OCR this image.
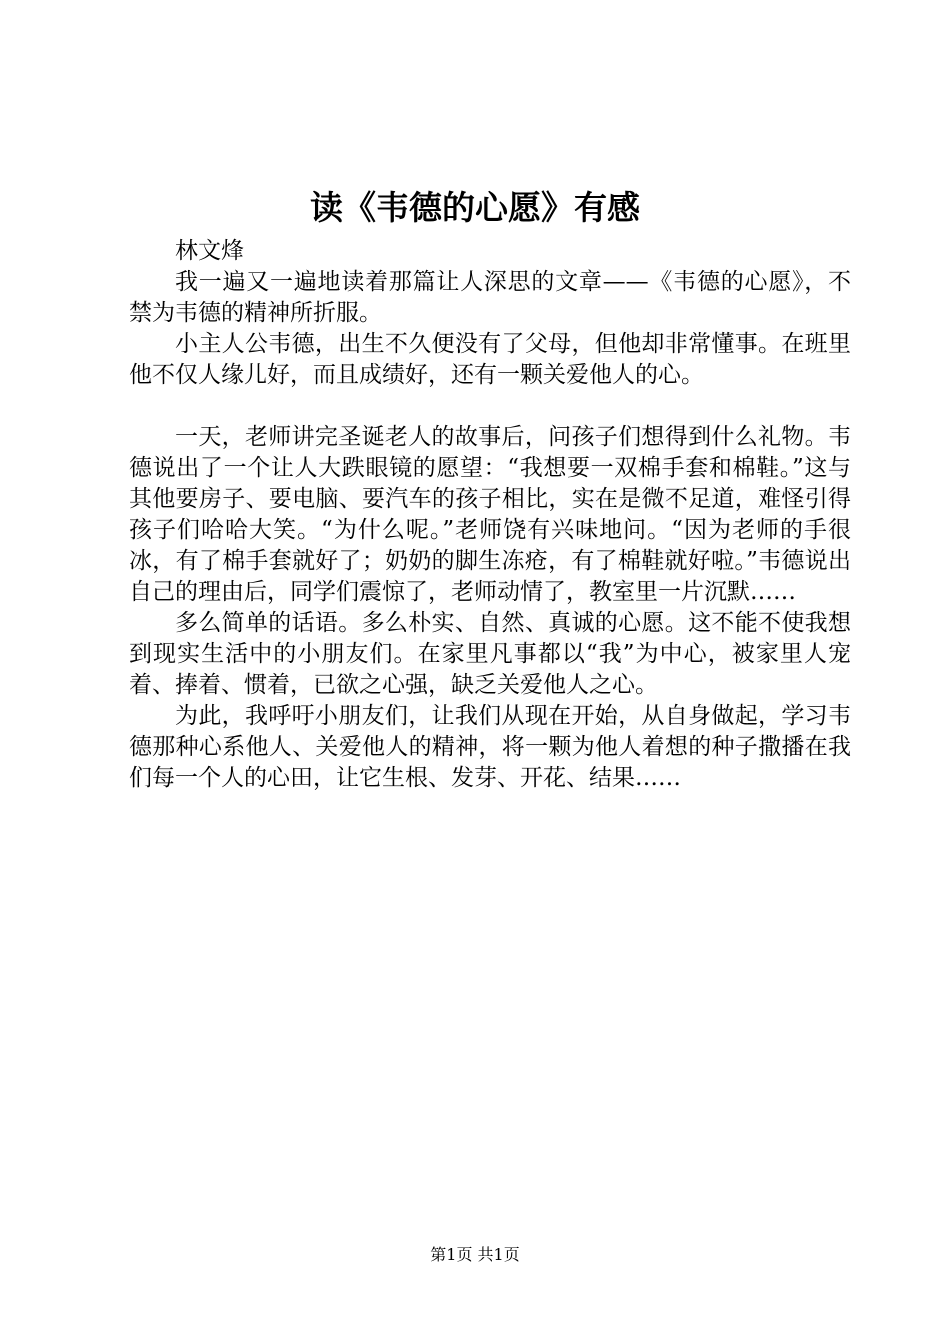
读《韦德的心愿》有感

林文烽

我一遍又一遍地读着那篇让人深思的文章——《韦德的心愿》，不禁为韦德的精神所折服。

小主人公韦德，出生不久便没有了父母，但他却非常懂事。在班里他不仅人缘儿好，而且成绩好，还有一颗关爱他人的心。

一天，老师讲完圣诞老人的故事后，问孩子们想得到什么礼物。韦德说出了一个让人大跌眼镜的愿望：“我想要一双棉手套和棉鞋。”这与其他要房子、要电脑、要汽车的孩子相比，实在是微不足道，难怪引得孩子们哈哈大笑。“为什么呢。”老师饶有兴味地问。“因为老师的手很冰，有了棉手套就好了；奶奶的脚生冻疮，有了棉鞋就好啦。”韦德说出自己的理由后，同学们震惊了，老师动情了，教室里一片沉默……

多么简单的话语。多么朴实、自然、真诚的心愿。这不能不使我想到现实生活中的小朋友们。在家里凡事都以“我”为中心，被家里人宠着、捧着、惯着，已欲之心强，缺乏关爱他人之心。

为此，我呼吁小朋友们，让我们从现在开始，从自身做起，学习韦德那种心系他人、关爱他人的精神，将一颗为他人着想的种子撒播在我们每一个人的心田，让它生根、发芽、开花、结果……

第1页 共1页
